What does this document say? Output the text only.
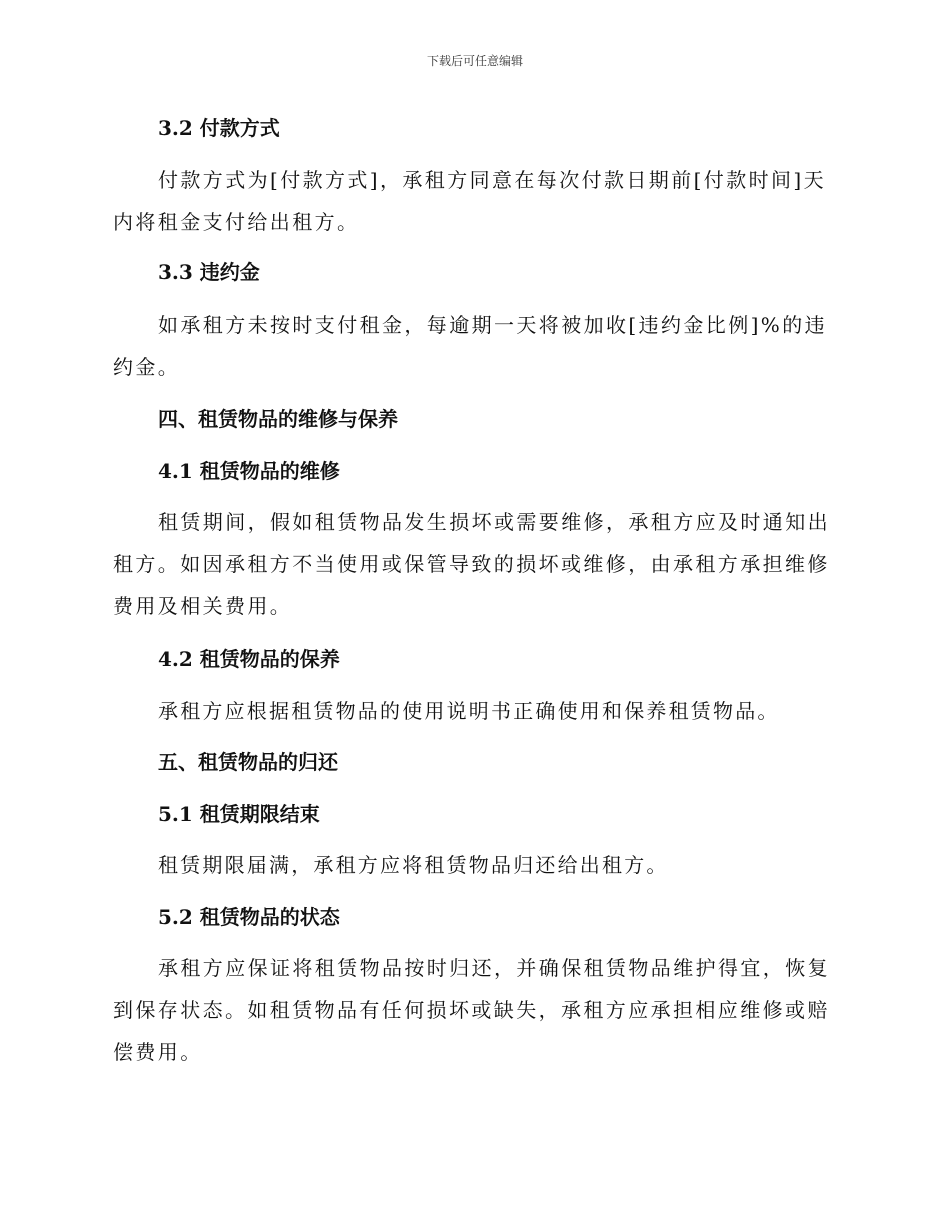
下载后可任意编辑
3.2 付款方式

付款方式为[付款方式]，承租方同意在每次付款日期前[付款时间]天内将租金支付给出租方。

3.3 违约金

如承租方未按时支付租金，每逾期一天将被加收[违约金比例]%的违约金。

四、租赁物品的维修与保养
4.1 租赁物品的维修

租赁期间，假如租赁物品发生损坏或需要维修，承租方应及时通知出租方。如因承租方不当使用或保管导致的损坏或维修，由承租方承担维修费用及相关费用。

4.2 租赁物品的保养

承租方应根据租赁物品的使用说明书正确使用和保养租赁物品。

五、租赁物品的归还
5.1 租赁期限结束

租赁期限届满，承租方应将租赁物品归还给出租方。

5.2 租赁物品的状态

承租方应保证将租赁物品按时归还，并确保租赁物品维护得宜，恢复到保存状态。如租赁物品有任何损坏或缺失，承租方应承担相应维修或赔偿费用。
